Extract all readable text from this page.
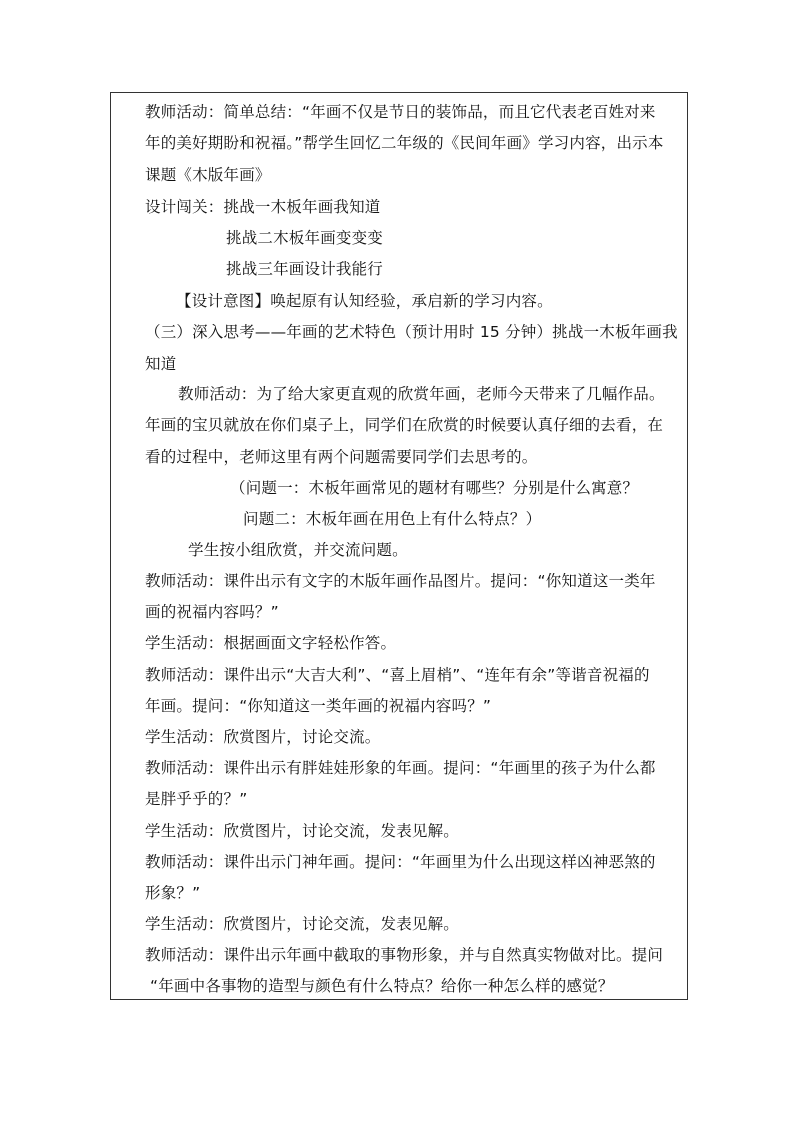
教师活动：简单总结：“年画不仅是节日的装饰品，而且它代表老百姓对来
年的美好期盼和祝福。”帮学生回忆二年级的《民间年画》学习内容，出示本
课题《木版年画》
设计闯关：挑战一木板年画我知道
挑战二木板年画变变变
挑战三年画设计我能行
【设计意图】唤起原有认知经验，承启新的学习内容。
（三）深入思考——年画的艺术特色（预计用时 15 分钟）挑战一木板年画我
知道
教师活动：为了给大家更直观的欣赏年画，老师今天带来了几幅作品。
年画的宝贝就放在你们桌子上，同学们在欣赏的时候要认真仔细的去看，在
看的过程中，老师这里有两个问题需要同学们去思考的。
（问题一：木板年画常见的题材有哪些？分别是什么寓意？
问题二：木板年画在用色上有什么特点？）
学生按小组欣赏，并交流问题。
教师活动：课件出示有文字的木版年画作品图片。提问：“你知道这一类年
画的祝福内容吗？”
学生活动：根据画面文字轻松作答。
教师活动：课件出示“大吉大利”、“喜上眉梢”、“连年有余”等谐音祝福的
年画。提问：“你知道这一类年画的祝福内容吗？”
学生活动：欣赏图片，讨论交流。
教师活动：课件出示有胖娃娃形象的年画。提问：“年画里的孩子为什么都
是胖乎乎的？”
学生活动：欣赏图片，讨论交流，发表见解。
教师活动：课件出示门神年画。提问：“年画里为什么出现这样凶神恶煞的
形象？”
学生活动：欣赏图片，讨论交流，发表见解。
教师活动：课件出示年画中截取的事物形象，并与自然真实物做对比。提问
“年画中各事物的造型与颜色有什么特点？给你一种怎么样的感觉？
